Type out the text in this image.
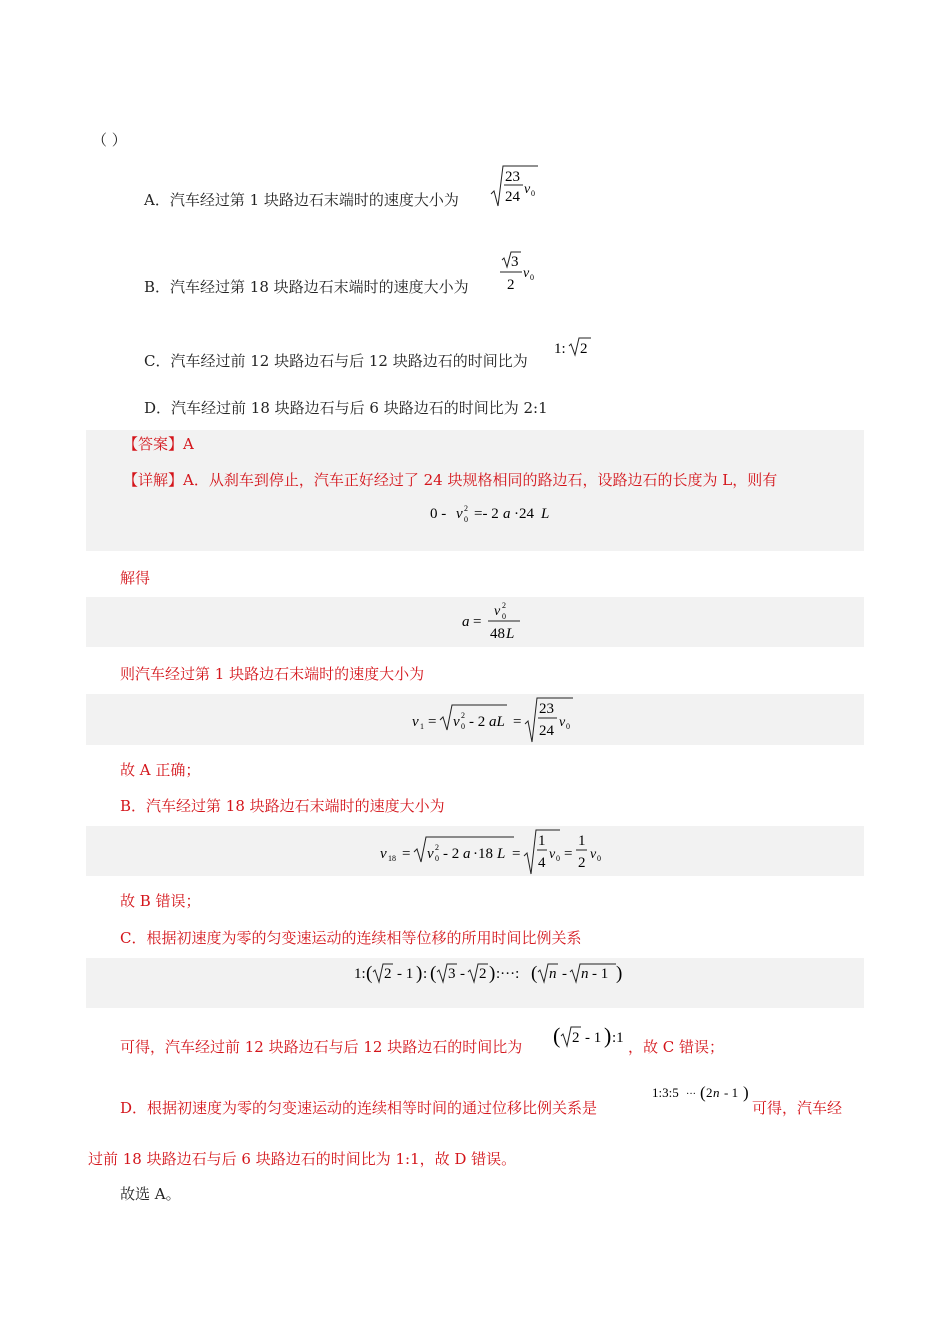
（ ）
A．汽车经过第 1 块路边石末端时的速度大小为
23
24 v 0
B．汽车经过第 18 块路边石末端时的速度大小为
3
2
v 0
C．汽车经过前 12 块路边石与后 12 块路边石的时间比为
1: 2
D．汽车经过前 18 块路边石与后 6 块路边石的时间比为 2:1
【答案】A
【详解】A．从刹车到停止，汽车正好经过了 24 块规格相同的路边石，设路边石的长度为 L，则有
0 - v 2
0 =- 2 a ·24 L
解得
a =
v 2
0
48 L
则汽车经过第 1 块路边石末端时的速度大小为
v 1 = v 2
0 - 2 aL =
23
24
v 0
故 A 正确；
B．汽车经过第 18 块路边石末端时的速度大小为
v 18 = v 2
0 - 2 a ·18 L =
1
4
v 0 =
1
2
v 0
故 B 错误；
C．根据初速度为零的匀变速运动的连续相等位移的所用时间比例关系
1: ( 2 - 1 ) : ( 3 - 2 ) :···: ( n - n - 1 )
可得，汽车经过前 12 块路边石与后 12 块路边石的时间比为 ( 2 - 1 ) :1 ，故 C 错误；
D．根据初速度为零的匀变速运动的连续相等时间的通过位移比例关系是
1:3:5 ··· ( 2 n - 1 )
可得，汽车经
过前 18 块路边石与后 6 块路边石的时间比为 1:1，故 D 错误。
故选 A。
